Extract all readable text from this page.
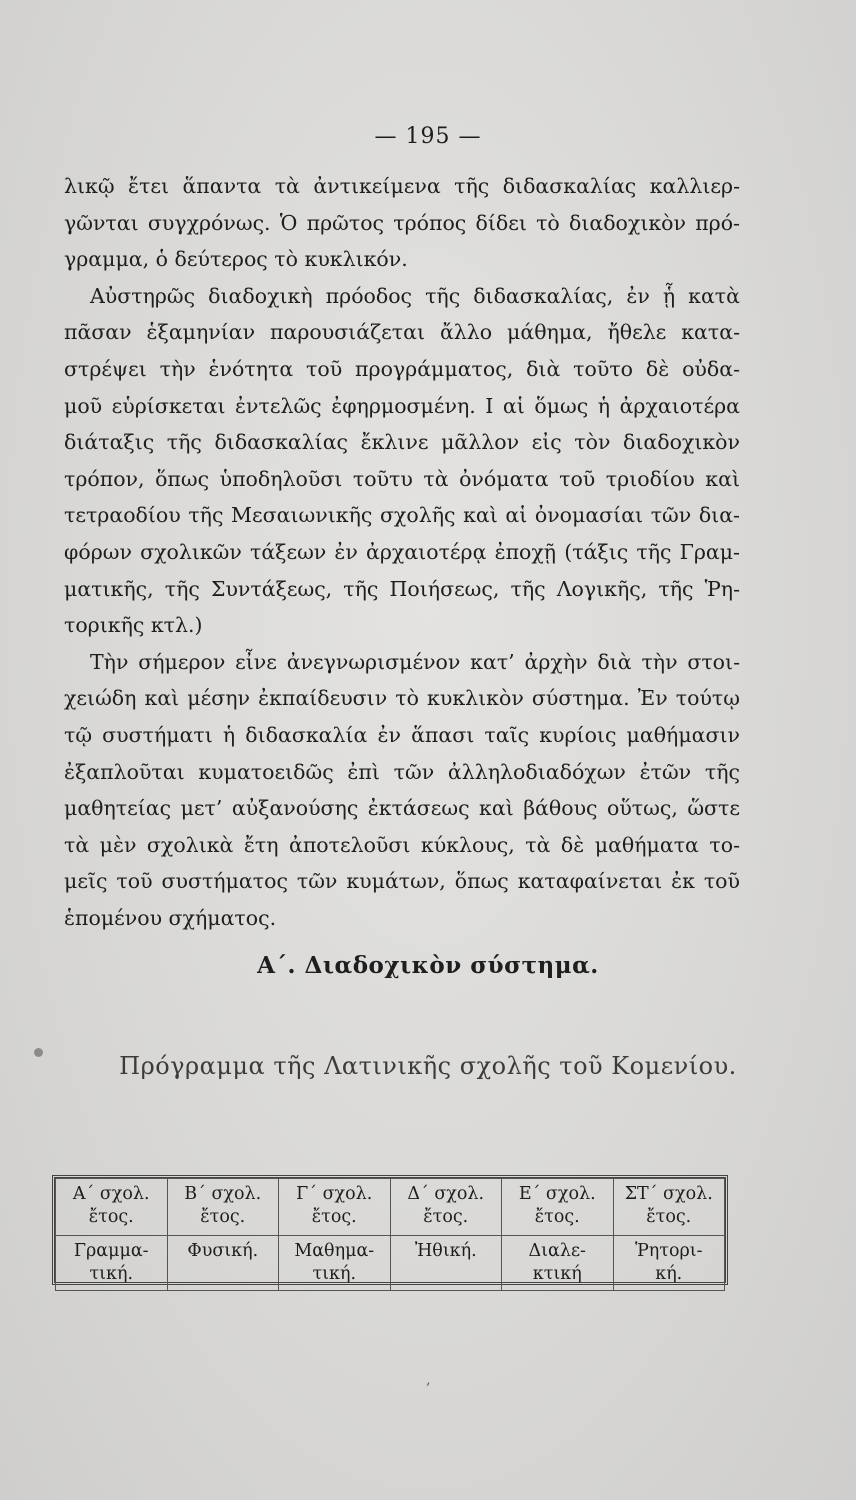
— 195 —

λικῷ ἔτει ἅπαντα τὰ ἀντικείμενα τῆς διδασκαλίας καλλιερ-
γῶνται συγχρόνως. Ὁ πρῶτος τρόπος δίδει τὸ διαδοχικὸν πρό-
γραμμα, ὁ δεύτερος τὸ κυκλικόν.

Αὐστηρῶς διαδοχικὴ πρόοδος τῆς διδασκαλίας, ἐν ᾗ κατὰ
πᾶσαν ἑξαμηνίαν παρουσιάζεται ἄλλο μάθημα, ἤθελε κατα-
στρέψει τὴν ἑνότητα τοῦ προγράμματος, διὰ τοῦτο δὲ οὐδα-
μοῦ εὑρίσκεται ἐντελῶς ἐφηρμοσμένη. Ι αἱ ὅμως ἡ ἀρχαιοτέρα
διάταξις τῆς διδασκαλίας ἔκλινε μᾶλλον εἰς τὸν διαδοχικὸν
τρόπον, ὅπως ὑποδηλοῦσι τοῦτυ τὰ ὀνόματα τοῦ τριοδίου καὶ
τετραοδίου τῆς Μεσαιωνικῆς σχολῆς καὶ αἱ ὀνομασίαι τῶν δια-
φόρων σχολικῶν τάξεων ἐν ἀρχαιοτέρᾳ ἐποχῇ (τάξις τῆς Γραμ-
ματικῆς, τῆς Συντάξεως, τῆς Ποιήσεως, τῆς Λογικῆς, τῆς Ῥη-
τορικῆς κτλ.)

Τὴν σήμερον εἶνε ἀνεγνωρισμένον κατ’ ἀρχὴν διὰ τὴν στοι-
χειώδη καὶ μέσην ἐκπαίδευσιν τὸ κυκλικὸν σύστημα. Ἐν τούτῳ
τῷ συστήματι ἡ διδασκαλία ἐν ἅπασι ταῖς κυρίοις μαθήμασιν
ἐξαπλοῦται κυματοειδῶς ἐπὶ τῶν ἀλληλοδιαδόχων ἐτῶν τῆς
μαθητείας μετ’ αὐξανούσης ἐκτάσεως καὶ βάθους οὕτως, ὥστε
τὰ μὲν σχολικὰ ἔτη ἀποτελοῦσι κύκλους, τὰ δὲ μαθήματα το-
μεῖς τοῦ συστήματος τῶν κυμάτων, ὅπως καταφαίνεται ἐκ τοῦ
ἑπομένου σχήματος.

Α΄. Διαδοχικὸν σύστημα.
Πρόγραμμα τῆς Λατινικῆς σχολῆς τοῦ Κομενίου.
Α΄ σχολ.
ἔτος.	Β΄ σχολ.
ἔτος.	Γ΄ σχολ.
ἔτος.	Δ΄ σχολ.
ἔτος.	Ε΄ σχολ.
ἔτος.	ΣΤ΄ σχολ.
ἔτος.
Γραμμα-
τική.	Φυσική.	Μαθημα-
τική.	Ἠθική.	Διαλε-
κτική	Ῥητορι-
κή.
‚
